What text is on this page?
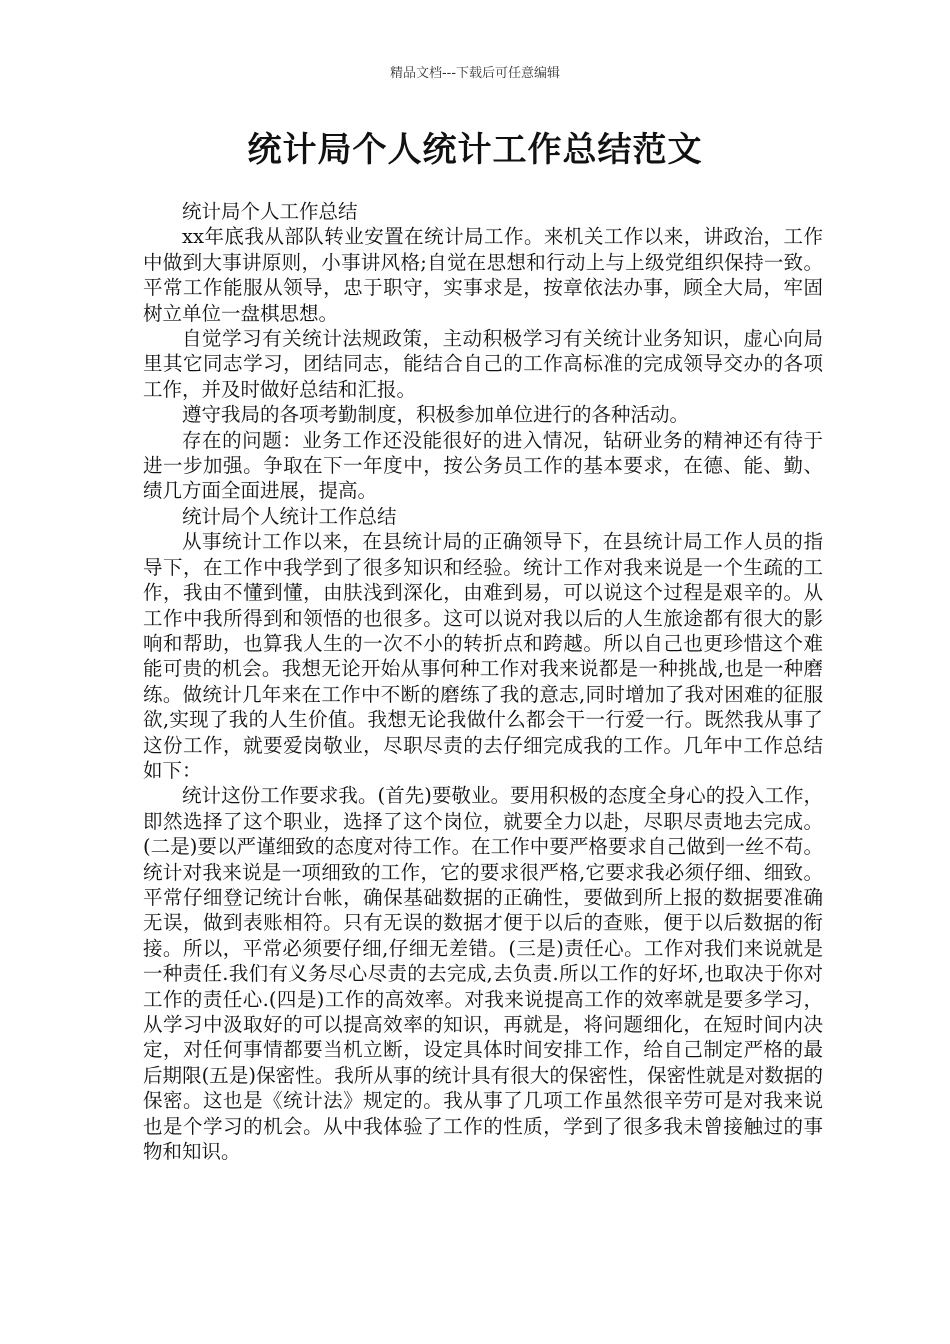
精品文档---下载后可任意编辑
统计局个人统计工作总结范文

统计局个人工作总结

xx年底我从部队转业安置在统计局工作。来机关工作以来，讲政治，工作中做到大事讲原则，小事讲风格;自觉在思想和行动上与上级党组织保持一致。平常工作能服从领导，忠于职守，实事求是，按章依法办事，顾全大局，牢固树立单位一盘棋思想。

自觉学习有关统计法规政策，主动积极学习有关统计业务知识，虚心向局里其它同志学习，团结同志，能结合自己的工作高标准的完成领导交办的各项工作，并及时做好总结和汇报。

遵守我局的各项考勤制度，积极参加单位进行的各种活动。

存在的问题：业务工作还没能很好的进入情况，钻研业务的精神还有待于进一步加强。争取在下一年度中，按公务员工作的基本要求，在德、能、勤、绩几方面全面进展，提高。

统计局个人统计工作总结

从事统计工作以来，在县统计局的正确领导下，在县统计局工作人员的指导下，在工作中我学到了很多知识和经验。统计工作对我来说是一个生疏的工作，我由不懂到懂，由肤浅到深化，由难到易，可以说这个过程是艰辛的。从工作中我所得到和领悟的也很多。这可以说对我以后的人生旅途都有很大的影响和帮助，也算我人生的一次不小的转折点和跨越。所以自己也更珍惜这个难能可贵的机会。我想无论开始从事何种工作对我来说都是一种挑战,也是一种磨练。做统计几年来在工作中不断的磨练了我的意志,同时增加了我对困难的征服欲,实现了我的人生价值。我想无论我做什么都会干一行爱一行。既然我从事了这份工作，就要爱岗敬业，尽职尽责的去仔细完成我的工作。几年中工作总结如下：

统计这份工作要求我。(首先)要敬业。要用积极的态度全身心的投入工作，即然选择了这个职业，选择了这个岗位，就要全力以赴，尽职尽责地去完成。(二是)要以严谨细致的态度对待工作。在工作中要严格要求自己做到一丝不苟。统计对我来说是一项细致的工作，它的要求很严格,它要求我必须仔细、细致。平常仔细登记统计台帐，确保基础数据的正确性，要做到所上报的数据要准确无误，做到表账相符。只有无误的数据才便于以后的查账，便于以后数据的衔接。所以，平常必须要仔细,仔细无差错。(三是)责任心。工作对我们来说就是一种责任.我们有义务尽心尽责的去完成,去负责.所以工作的好坏,也取决于你对工作的责任心.(四是)工作的高效率。对我来说提高工作的效率就是要多学习，从学习中汲取好的可以提高效率的知识，再就是，将问题细化，在短时间内决定，对任何事情都要当机立断，设定具体时间安排工作，给自己制定严格的最后期限(五是)保密性。我所从事的统计具有很大的保密性，保密性就是对数据的保密。这也是《统计法》规定的。我从事了几项工作虽然很辛劳可是对我来说也是个学习的机会。从中我体验了工作的性质，学到了很多我未曾接触过的事物和知识。
